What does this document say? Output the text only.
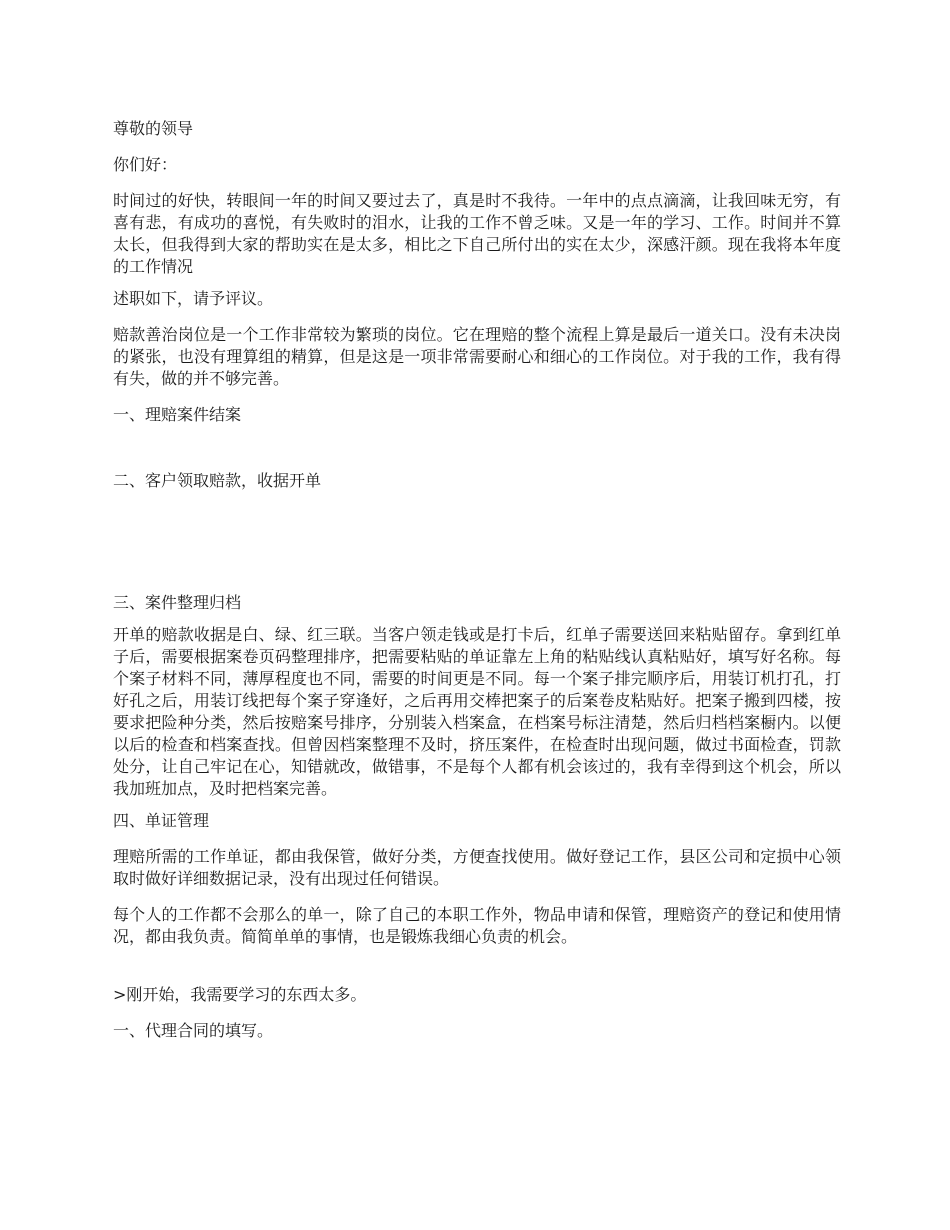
尊敬的领导

你们好：

时间过的好快，转眼间一年的时间又要过去了，真是时不我待。一年中的点点滴滴，让我回味无穷，有喜有悲，有成功的喜悦，有失败时的泪水，让我的工作不曾乏味。又是一年的学习、工作。时间并不算太长，但我得到大家的帮助实在是太多，相比之下自己所付出的实在太少，深感汗颜。现在我将本年度的工作情况

述职如下，请予评议。

赔款善治岗位是一个工作非常较为繁琐的岗位。它在理赔的整个流程上算是最后一道关口。没有未决岗的紧张，也没有理算组的精算，但是这是一项非常需要耐心和细心的工作岗位。对于我的工作，我有得有失，做的并不够完善。

一、理赔案件结案

二、客户领取赔款，收据开单

三、案件整理归档

开单的赔款收据是白、绿、红三联。当客户领走钱或是打卡后，红单子需要送回来粘贴留存。拿到红单子后，需要根据案卷页码整理排序，把需要粘贴的单证靠左上角的粘贴线认真粘贴好，填写好名称。每个案子材料不同，薄厚程度也不同，需要的时间更是不同。每一个案子排完顺序后，用装订机打孔，打好孔之后，用装订线把每个案子穿逢好，之后再用交棒把案子的后案卷皮粘贴好。把案子搬到四楼，按要求把险种分类，然后按赔案号排序，分别装入档案盒，在档案号标注清楚，然后归档档案橱内。以便以后的检查和档案查找。但曾因档案整理不及时，挤压案件，在检查时出现问题，做过书面检查，罚款处分，让自己牢记在心，知错就改，做错事，不是每个人都有机会该过的，我有幸得到这个机会，所以我加班加点，及时把档案完善。

四、单证管理

理赔所需的工作单证，都由我保管，做好分类，方便查找使用。做好登记工作，县区公司和定损中心领取时做好详细数据记录，没有出现过任何错误。

每个人的工作都不会那么的单一，除了自己的本职工作外，物品申请和保管，理赔资产的登记和使用情况，都由我负责。简简单单的事情，也是锻炼我细心负责的机会。

>刚开始，我需要学习的东西太多。

一、代理合同的填写。
